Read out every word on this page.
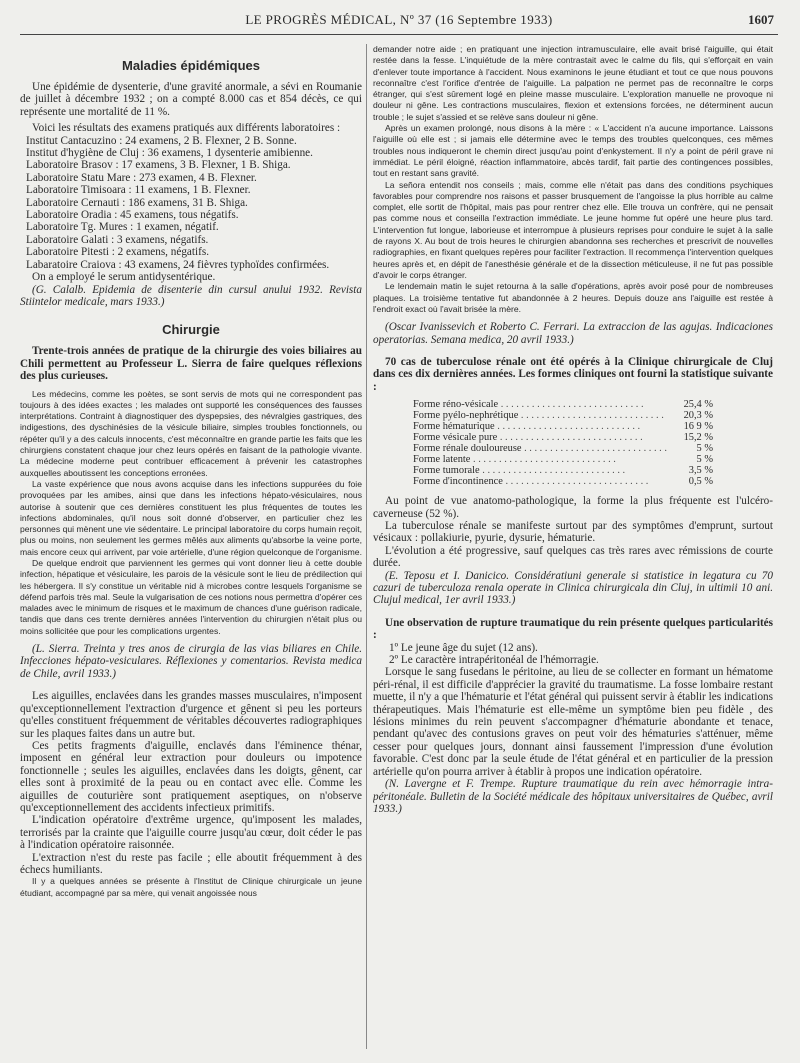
LE PROGRÈS MÉDICAL, Nº 37 (16 Septembre 1933)	1607
Maladies épidémiques

Une épidémie de dysenterie, d'une gravité anormale, a sévi en Roumanie de juillet à décembre 1932 ; on a compté 8.000 cas et 854 décès, ce qui représente une mortalité de 11 %.

Voici les résultats des examens pratiqués aux différents laboratoires :

Institut Cantacuzino : 24 examens, 2 B. Flexner, 2 B. Sonne.

Institut d'hygiène de Cluj : 36 examens, 1 dysenterie amibienne.

Laboratoire Brasov : 17 examens, 3 B. Flexner, 1 B. Shiga.

Laboratoire Statu Mare : 273 examen, 4 B. Flexner.

Laboratoire Timisoara : 11 examens, 1 B. Flexner.

Laboratoire Cernauti : 186 examens, 31 B. Shiga.

Laboratoire Oradia : 45 examens, tous négatifs.

Laboratoire Tg. Mures : 1 examen, négatif.

Laboratoire Galati : 3 examens, négatifs.

Laboratoire Pitesti : 2 examens, négatifs.

Labaratoire Craiova : 43 examens, 24 fièvres typhoïdes confirmées.

On a employé le serum antidysentérique.

(G. Calalb. Epidemia de disenterie din cursul anului 1932. Revista Stiintelor medicale, mars 1933.)

Chirurgie

Trente-trois années de pratique de la chirurgie des voies biliaires au Chili permettent au Professeur L. Sierra de faire quelques réflexions des plus curieuses.

Les médecins, comme les poètes, se sont servis de mots qui ne correspondent pas toujours à des idées exactes ; les malades ont supporté les conséquences des fausses interprétations. Contraint à diagnostiquer des dyspepsies, des névralgies gastriques, des indigestions, des dyschinésies de la vésicule biliaire, simples troubles fonctionnels, ou répéter qu'il y a des calculs innocents, c'est méconnaître en grande partie les faits que les chirurgiens constatent chaque jour chez leurs opérés en faisant de la pathologie vivante. La médecine moderne peut contribuer efficacement à prévenir les catastrophes auxquelles aboutissent les conceptions erronées.

La vaste expérience que nous avons acquise dans les infections suppurées du foie provoquées par les amibes, ainsi que dans les infections hépato-vésiculaires, nous autorise à soutenir que ces dernières constituent les plus fréquentes de toutes les infections abdominales, qu'il nous soit donné d'observer, en particulier chez les personnes qui mènent une vie sédentaire. Le principal laboratoire du corps humain reçoit, plus ou moins, non seulement les germes mêlés aux aliments qu'absorbe la veine porte, mais encore ceux qui arrivent, par voie artérielle, d'une région quelconque de l'organisme.

De quelque endroit que parviennent les germes qui vont donner lieu à cette double infection, hépatique et vésiculaire, les parois de la vésicule sont le lieu de prédilection qui les hébergera. Il s'y constitue un véritable nid à microbes contre lesquels l'organisme se défend parfois très mal. Seule la vulgarisation de ces notions nous permettra d'opérer ces malades avec le minimum de risques et le maximum de chances d'une guérison radicale, tandis que dans ces trente dernières années l'intervention du chirurgien n'était plus ou moins sollicitée que pour les complications urgentes.

(L. Sierra. Treinta y tres anos de cirurgia de las vias biliares en Chile. Infecciones hépato-vesiculares. Réflexiones y comentarios. Revista medica de Chile, avril 1933.)

Les aiguilles, enclavées dans les grandes masses musculaires, n'imposent qu'exceptionnellement l'extraction d'urgence et gênent si peu les porteurs qu'elles constituent fréquemment de véritables découvertes radiographiques sur les plaques faites dans un autre but.

Ces petits fragments d'aiguille, enclavés dans l'éminence thénar, imposent en général leur extraction pour douleurs ou impotence fonctionnelle ; seules les aiguilles, enclavées dans les doigts, gênent, car elles sont à proximité de la peau ou en contact avec elle. Comme les aiguilles de couturière sont pratiquement aseptiques, on n'observe qu'exceptionnellement des accidents infectieux primitifs.

L'indication opératoire d'extrême urgence, qu'imposent les malades, terrorisés par la crainte que l'aiguille courre jusqu'au cœur, doit céder le pas à l'indication opératoire raisonnée.

L'extraction n'est du reste pas facile ; elle aboutit fréquemment à des échecs humiliants.

Il y a quelques années se présente à l'Institut de Clinique chirurgicale un jeune étudiant, accompagné par sa mère, qui venait angoissée nous

demander notre aide ; en pratiquant une injection intramusculaire, elle avait brisé l'aiguille, qui était restée dans la fesse. L'inquiétude de la mère contrastait avec le calme du fils, qui s'efforçait en vain d'enlever toute importance à l'accident. Nous examinons le jeune étudiant et tout ce que nous pouvons reconnaître c'est l'orifice d'entrée de l'aiguille. La palpation ne permet pas de reconnaître le corps étranger, qui s'est sûrement logé en pleine masse musculaire. L'exploration manuelle ne provoque ni douleur ni gêne. Les contractions musculaires, flexion et extensions forcées, ne déterminent aucun trouble ; le sujet s'assied et se relève sans douleur ni gêne.

Après un examen prolongé, nous disons à la mère : « L'accident n'a aucune importance. Laissons l'aiguille où elle est ; si jamais elle détermine avec le temps des troubles quelconques, ces mêmes troubles nous indiqueront le chemin direct jusqu'au point d'enkystement. Il n'y a point de péril grave ni immédiat. Le péril éloigné, réaction inflammatoire, abcès tardif, fait partie des contingences possibles, tout en restant sans gravité.

La señora entendit nos conseils ; mais, comme elle n'était pas dans des conditions psychiques favorables pour comprendre nos raisons et passer brusquement de l'angoisse la plus horrible au calme complet, elle sortit de l'hôpital, mais pas pour rentrer chez elle. Elle trouva un confrère, qui ne pensait pas comme nous et conseilla l'extraction immédiate. Le jeune homme fut opéré une heure plus tard. L'intervention fut longue, laborieuse et interrompue à plusieurs reprises pour conduire le sujet à la salle de rayons X. Au bout de trois heures le chirurgien abandonna ses recherches et prescrivit de nouvelles radiographies, en fixant quelques repères pour faciliter l'extraction. Il recommença l'intervention quelques heures après et, en dépit de l'anesthésie générale et de la dissection méticuleuse, il ne fut pas possible d'avoir le corps étranger.

Le lendemain matin le sujet retourna à la salle d'opérations, après avoir posé pour de nombreuses plaques. La troisième tentative fut abandonnée à 2 heures. Depuis douze ans l'aiguille est restée à l'endroit exact où l'avait brisée la mère.

(Oscar Ivanissevich et Roberto C. Ferrari. La extraccion de las agujas. Indicaciones operatorias. Semana medica, 20 avril 1933.)

70 cas de tuberculose rénale ont été opérés à la Clinique chirurgicale de Cluj dans ces dix dernières années. Les formes cliniques ont fourni la statistique suivante :

Forme réno-vésicale . . .	25,4 %
Forme pyélo-nephrétique . . .	20,3 %
Forme hématurique . . .	16 9 %
Forme vésicale pure . . .	15,2 %
Forme rénale douloureuse . . .	5 %
Forme latente . . .	5 %
Forme tumorale . . .	3,5 %
Forme d'incontinence . . .	0,5 %

Au point de vue anatomo-pathologique, la forme la plus fréquente est l'ulcéro-caverneuse (52 %).

La tuberculose rénale se manifeste surtout par des symptômes d'emprunt, surtout vésicaux : pollakiurie, pyurie, dysurie, hématurie.

L'évolution a été progressive, sauf quelques cas très rares avec rémissions de courte durée.

(E. Teposu et I. Danicico. Considératiuni generale si statistice in legatura cu 70 cazuri de tuberculoza renala operate in Clinica chirurgicala din Cluj, in ultimii 10 ani. Clujul medical, 1er avril 1933.)

Une observation de rupture traumatique du rein présente quelques particularités :

1º Le jeune âge du sujet (12 ans).

2º Le caractère intrapéritonéal de l'hémorragie.

Lorsque le sang fusedans le péritoine, au lieu de se collecter en formant un hématome péri-rénal, il est difficile d'apprécier la gravité du traumatisme. La fosse lombaire restant muette, il n'y a que l'hématurie et l'état général qui puissent servir à établir les indications thérapeutiques. Mais l'hématurie est elle-même un symptôme bien peu fidèle , des lésions minimes du rein peuvent s'accompagner d'hématurie abondante et tenace, pendant qu'avec des contusions graves on peut voir des hématuries s'atténuer, même cesser pour quelques jours, donnant ainsi faussement l'impression d'une évolution favorable. C'est donc par la seule étude de l'état général et en particulier de la pression artérielle qu'on pourra arriver à établir à propos une indication opératoire.

(N. Lavergne et F. Trempe. Rupture traumatique du rein avec hémorragie intra-péritonéale. Bulletin de la Société médicale des hôpitaux universitaires de Québec, avril 1933.)
